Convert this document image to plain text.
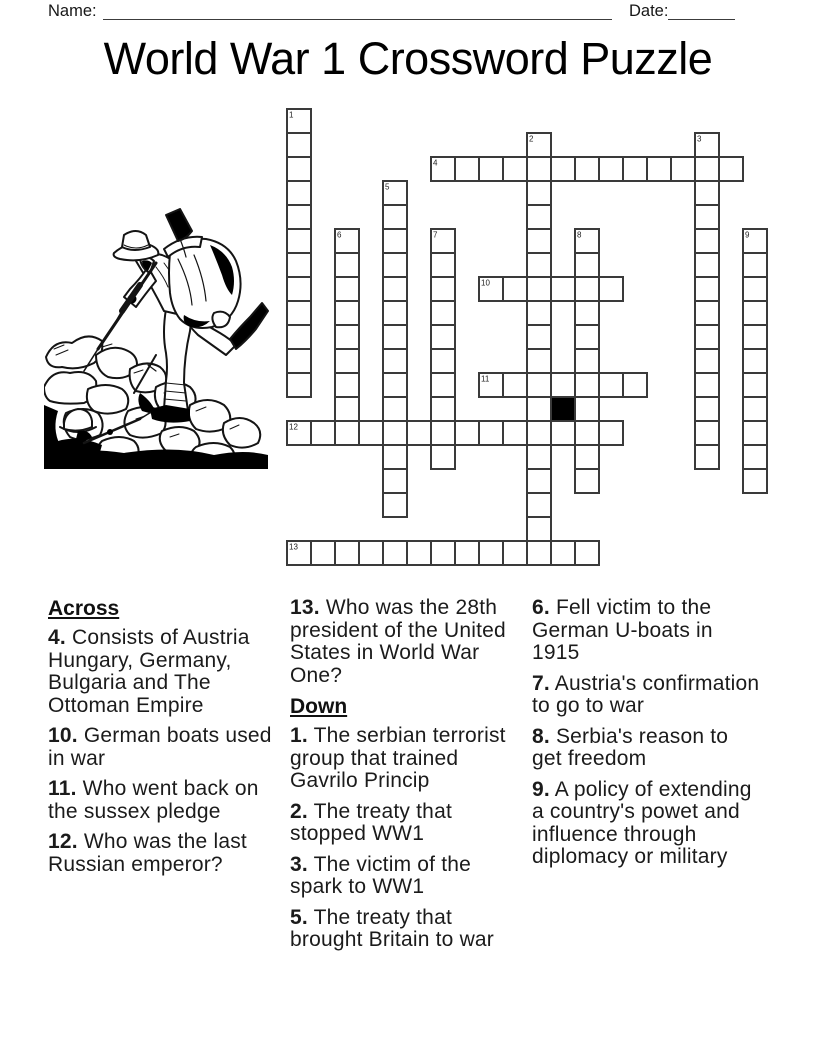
Name:	Date:
World War 1 Crossword Puzzle
1
2	3
4
5
6	7	8	9
10
11
12
13
Across
4. Consists of Austria Hungary, Germany, Bulgaria and The Ottoman Empire
10. German boats used in war
11. Who went back on the sussex pledge
12. Who was the last Russian emperor?
13. Who was the 28th president of the United States in World War One?
Down
1. The serbian terrorist group that trained Gavrilo Princip
2. The treaty that stopped WW1
3. The victim of the spark to WW1
5. The treaty that brought Britain to war
6. Fell victim to the German U-boats in 1915
7. Austria's confirmation to go to war
8. Serbia's reason to get freedom
9. A policy of extending a country's powet and influence through diplomacy or military
